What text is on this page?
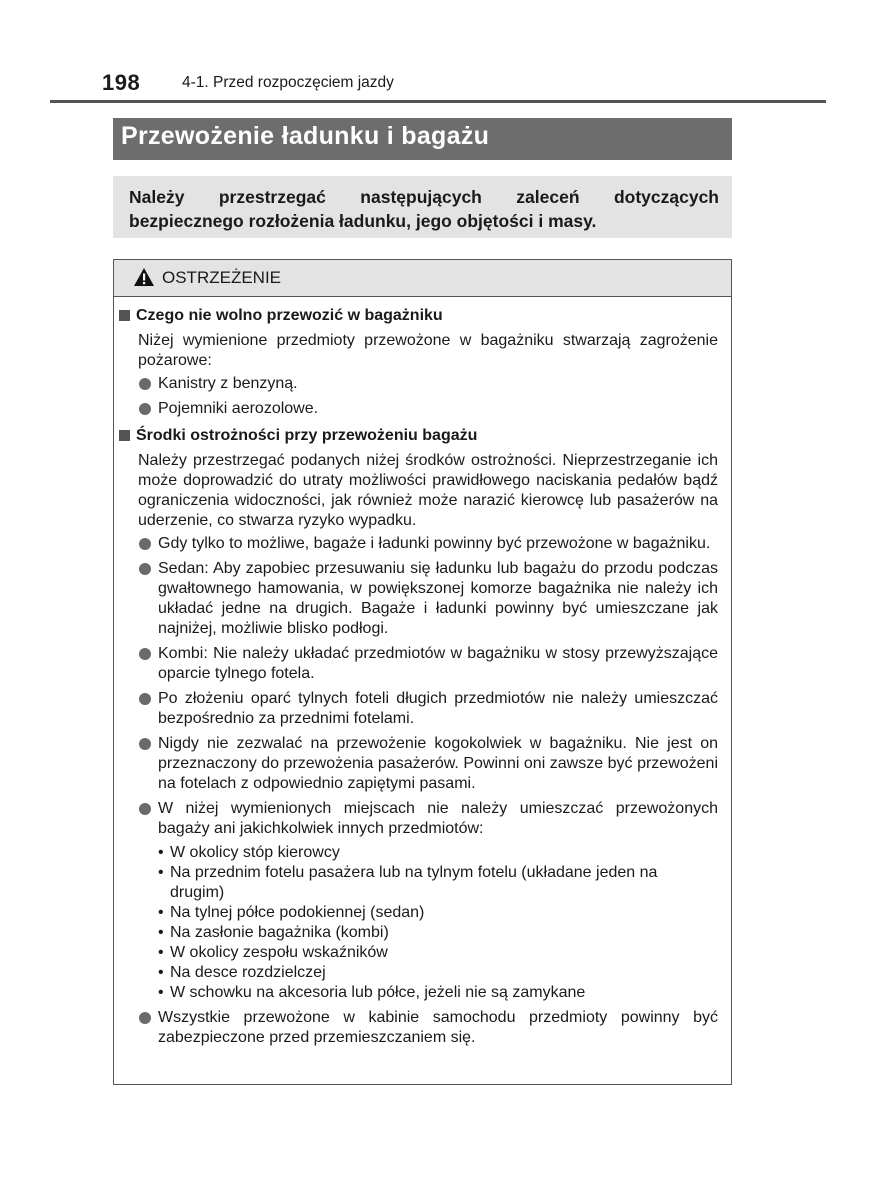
198	4-1. Przed rozpoczęciem jazdy
Przewożenie ładunku i bagażu

Należy przestrzegać następujących zaleceń dotyczących bezpiecznego rozłożenia ładunku, jego objętości i masy.

OSTRZEŻENIE
Czego nie wolno przewozić w bagażniku

Niżej wymienione przedmioty przewożone w bagażniku stwarzają zagrożenie pożarowe:

Kanistry z benzyną.
Pojemniki aerozolowe.
Środki ostrożności przy przewożeniu bagażu

Należy przestrzegać podanych niżej środków ostrożności. Nieprzestrzeganie ich może doprowadzić do utraty możliwości prawidłowego naciskania pedałów bądź ograniczenia widoczności, jak również może narazić kierowcę lub pasażerów na uderzenie, co stwarza ryzyko wypadku.

Gdy tylko to możliwe, bagaże i ładunki powinny być przewożone w bagażniku.
Sedan: Aby zapobiec przesuwaniu się ładunku lub bagażu do przodu podczas gwałtownego hamowania, w powiększonej komorze bagażnika nie należy ich układać jedne na drugich. Bagaże i ładunki powinny być umieszczane jak najniżej, możliwie blisko podłogi.
Kombi: Nie należy układać przedmiotów w bagażniku w stosy przewyższające oparcie tylnego fotela.
Po złożeniu oparć tylnych foteli długich przedmiotów nie należy umieszczać bezpośrednio za przednimi fotelami.
Nigdy nie zezwalać na przewożenie kogokolwiek w bagażniku. Nie jest on przeznaczony do przewożenia pasażerów. Powinni oni zawsze być przewożeni na fotelach z odpowiednio zapiętymi pasami.
W niżej wymienionych miejscach nie należy umieszczać przewożonych bagaży ani jakichkolwiek innych przedmiotów:
• W okolicy stóp kierowcy
• Na przednim fotelu pasażera lub na tylnym fotelu (układane jeden na drugim)
• Na tylnej półce podokiennej (sedan)
• Na zasłonie bagażnika (kombi)
• W okolicy zespołu wskaźników
• Na desce rozdzielczej
• W schowku na akcesoria lub półce, jeżeli nie są zamykane
Wszystkie przewożone w kabinie samochodu przedmioty powinny być zabezpieczone przed przemieszczaniem się.
